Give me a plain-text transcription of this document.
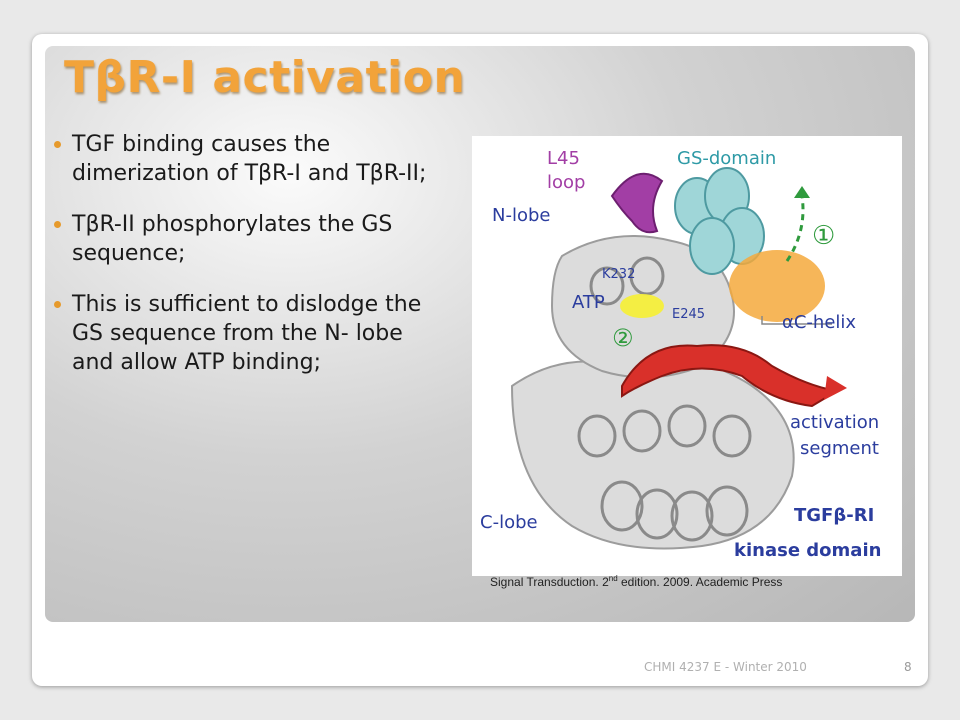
TβR-I activation
TGF binding causes the dimerization of TβR-I and TβR-II;
TβR-II phosphorylates the GS sequence;
This is sufficient to dislodge the GS sequence from the N- lobe and allow ATP binding;
L45
loop
GS-domain
N-lobe
①
K232
ATP
E245
②
αC-helix
activation
segment
C-lobe	TGFβ-RI
kinase domain
Signal Transduction. 2nd edition. 2009. Academic Press
CHMI 4237 E - Winter 2010	8
